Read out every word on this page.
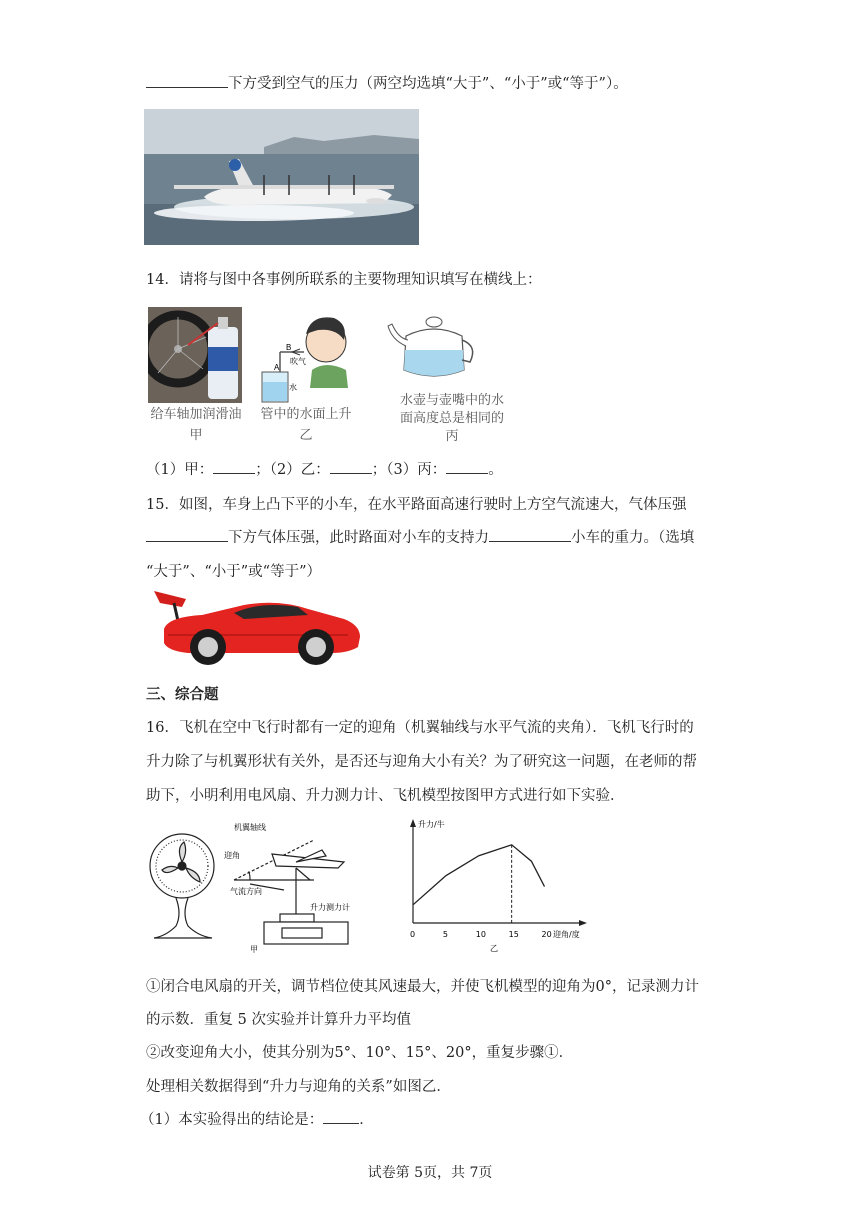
下方受到空气的压力（两空均选填“大于”、“小于”或“等于”）。
14．请将与图中各事例所联系的主要物理知识填写在横线上：
给车轴加润滑油
甲
B
A
吹气
水
管中的水面上升
乙
水壶与壶嘴中的水
面高度总是相同的
丙
（1）甲：	；（2）乙：	；（3）丙：	。
15．如图，车身上凸下平的小车，在水平路面高速行驶时上方空气流速大，气体压强
下方气体压强，此时路面对小车的支持力	小车的重力。（选填
“大于”、“小于”或“等于”）
三、综合题
16．飞机在空中飞行时都有一定的迎角（机翼轴线与水平气流的夹角）．飞机飞行时的
升力除了与机翼形状有关外，是否还与迎角大小有关？为了研究这一问题，在老师的帮
助下，小明利用电风扇、升力测力计、飞机模型按图甲方式进行如下实验．
机翼轴线
迎角
气流方向
升力测力计
甲
升力/牛
迎角/度
乙
0	5	10	15	20
①闭合电风扇的开关，调节档位使其风速最大，并使飞机模型的迎角为0°，记录测力计
的示数．重复 5 次实验并计算升力平均值
②改变迎角大小，使其分别为5°、10°、15°、20°，重复步骤①．
处理相关数据得到“升力与迎角的关系”如图乙．
（1）本实验得出的结论是： ．
试卷第 5页，共 7页
